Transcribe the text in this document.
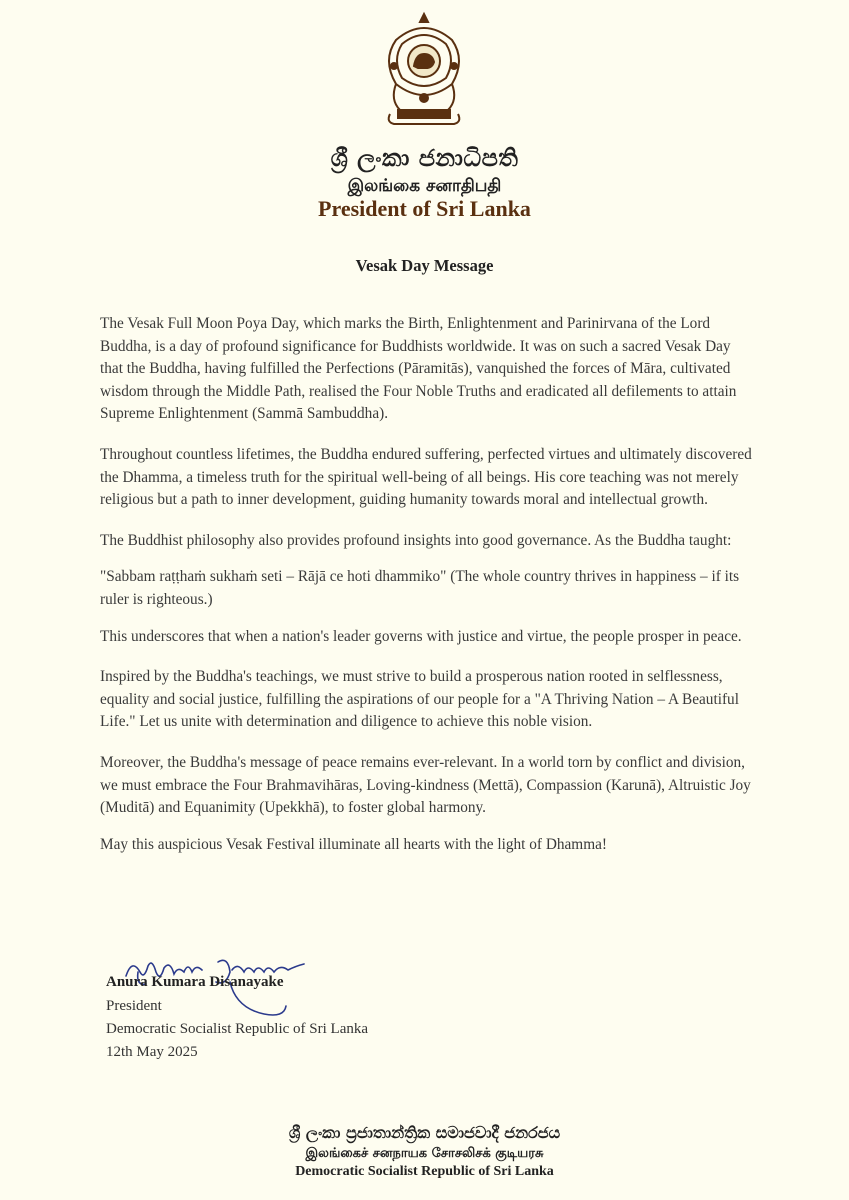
ශ්‍රී ලංකා ජනාධිපති
இலங்கை சனாதிபதி
President of Sri Lanka
Vesak Day Message

The Vesak Full Moon Poya Day, which marks the Birth, Enlightenment and Parinirvana of the Lord Buddha, is a day of profound significance for Buddhists worldwide. It was on such a sacred Vesak Day that the Buddha, having fulfilled the Perfections (Pāramitās), vanquished the forces of Māra, cultivated wisdom through the Middle Path, realised the Four Noble Truths and eradicated all defilements to attain Supreme Enlightenment (Sammā Sambuddha).

Throughout countless lifetimes, the Buddha endured suffering, perfected virtues and ultimately discovered the Dhamma, a timeless truth for the spiritual well-being of all beings. His core teaching was not merely religious but a path to inner development, guiding humanity towards moral and intellectual growth.

The Buddhist philosophy also provides profound insights into good governance. As the Buddha taught:

"Sabbam raṭṭhaṁ sukhaṁ seti – Rājā ce hoti dhammiko" (The whole country thrives in happiness – if its ruler is righteous.)

This underscores that when a nation's leader governs with justice and virtue, the people prosper in peace.

Inspired by the Buddha's teachings, we must strive to build a prosperous nation rooted in selflessness, equality and social justice, fulfilling the aspirations of our people for a "A Thriving Nation – A Beautiful Life." Let us unite with determination and diligence to achieve this noble vision.

Moreover, the Buddha's message of peace remains ever-relevant. In a world torn by conflict and division, we must embrace the Four Brahmavihāras, Loving-kindness (Mettā), Compassion (Karunā), Altruistic Joy (Muditā) and Equanimity (Upekkhā), to foster global harmony.

May this auspicious Vesak Festival illuminate all hearts with the light of Dhamma!

Anura Kumara Disanayake
President
Democratic Socialist Republic of Sri Lanka
12th May 2025
ශ්‍රී ලංකා ප්‍රජාතාන්ත්‍රික සමාජවාදී ජනරජය
இலங்கைச் சனநாயக சோசலிசக் குடியரசு
Democratic Socialist Republic of Sri Lanka
